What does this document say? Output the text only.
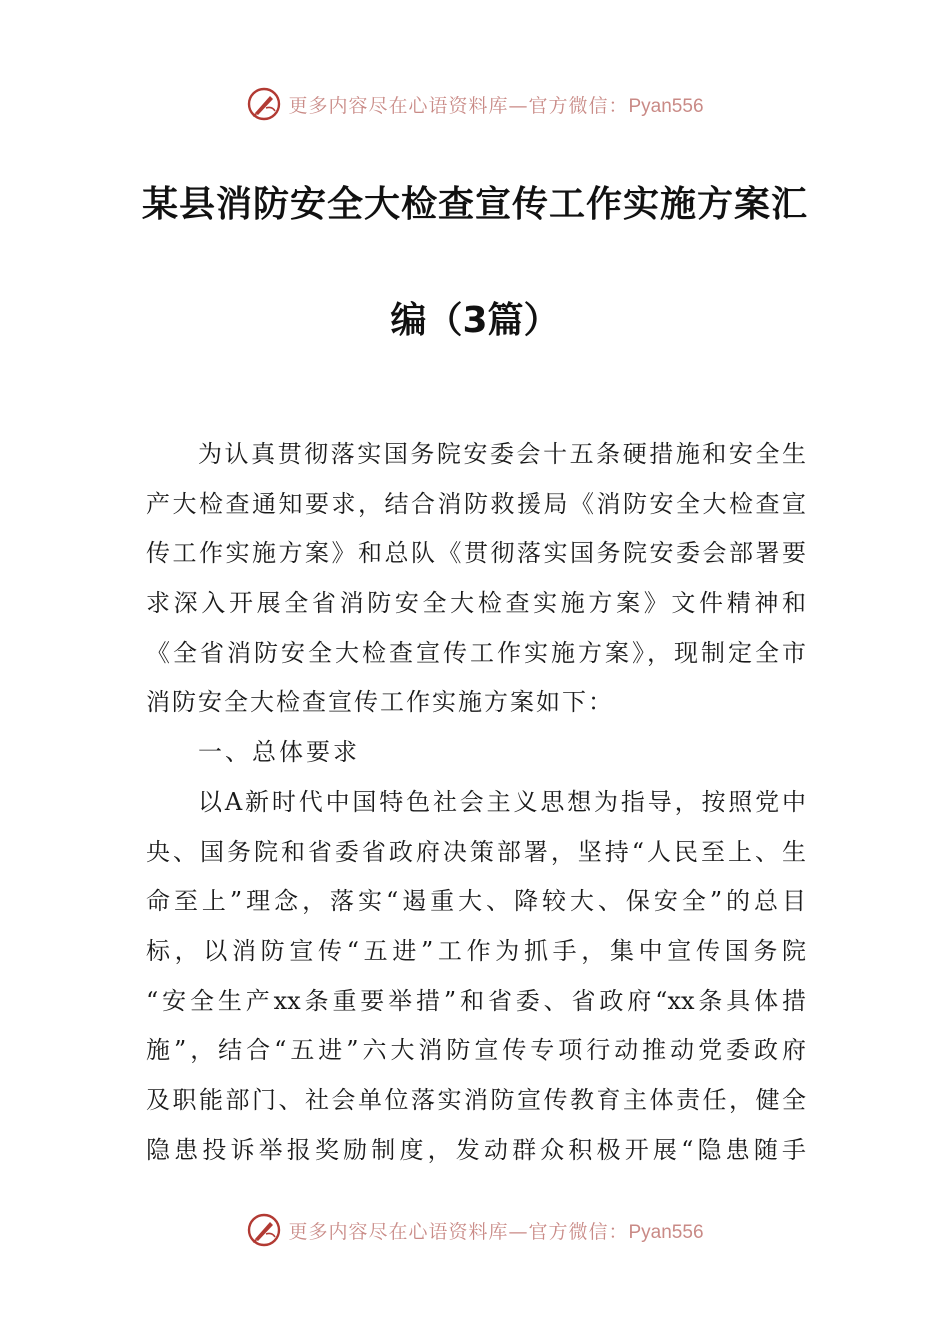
更多内容尽在心语资料库—官方微信：Pyan556
某县消防安全大检查宣传工作实施方案汇
编（3篇）
为认真贯彻落实国务院安委会十五条硬措施和安全生
产大检查通知要求，结合消防救援局《消防安全大检查宣
传工作实施方案》和总队《贯彻落实国务院安委会部署要
求深入开展全省消防安全大检查实施方案》文件精神和
《全省消防安全大检查宣传工作实施方案》，现制定全市
消防安全大检查宣传工作实施方案如下：
一、总体要求
以A新时代中国特色社会主义思想为指导，按照党中
央、国务院和省委省政府决策部署，坚持“人民至上、生
命至上”理念，落实“遏重大、降较大、保安全”的总目
标，以消防宣传“五进”工作为抓手，集中宣传国务院
“安全生产xx条重要举措”和省委、省政府“xx条具体措
施”，结合“五进”六大消防宣传专项行动推动党委政府
及职能部门、社会单位落实消防宣传教育主体责任，健全
隐患投诉举报奖励制度，发动群众积极开展“隐患随手
更多内容尽在心语资料库—官方微信：Pyan556
